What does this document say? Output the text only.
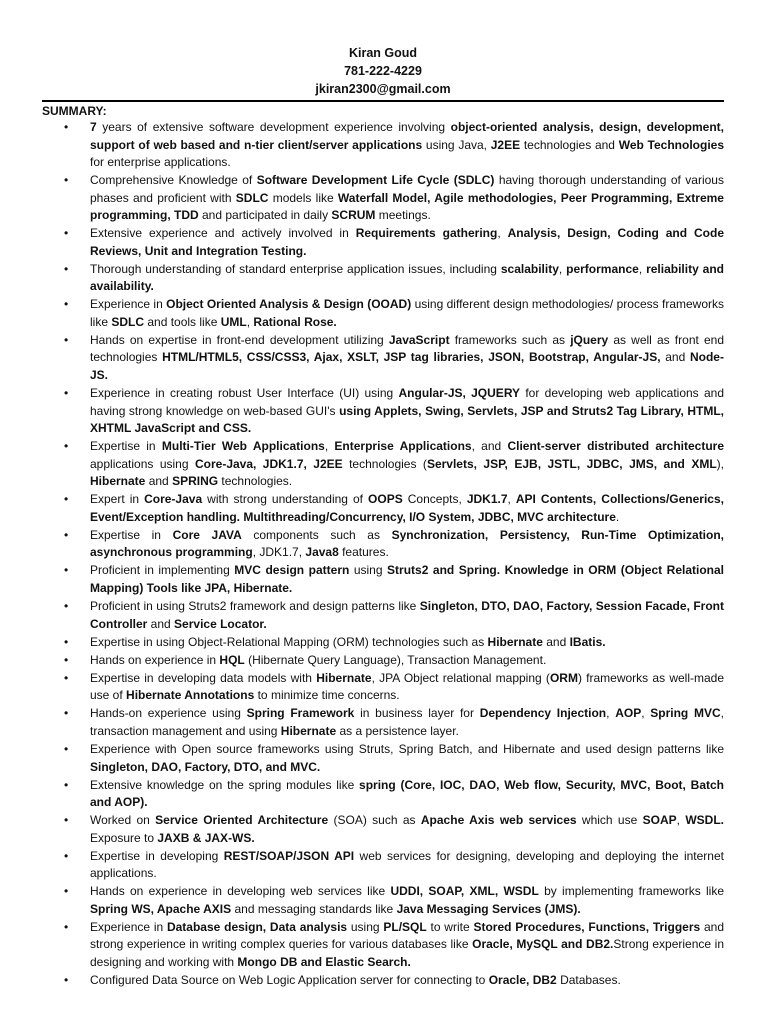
Kiran Goud
781-222-4229
jkiran2300@gmail.com
SUMMARY:
• 7 years of extensive software development experience involving object-oriented analysis, design, development, support of web based and n-tier client/server applications using Java, J2EE technologies and Web Technologies for enterprise applications.
• Comprehensive Knowledge of Software Development Life Cycle (SDLC) having thorough understanding of various phases and proficient with SDLC models like Waterfall Model, Agile methodologies, Peer Programming, Extreme programming, TDD and participated in daily SCRUM meetings.
• Extensive experience and actively involved in Requirements gathering, Analysis, Design, Coding and Code Reviews, Unit and Integration Testing.
• Thorough understanding of standard enterprise application issues, including scalability, performance, reliability and availability.
• Experience in Object Oriented Analysis & Design (OOAD) using different design methodologies/ process frameworks like SDLC and tools like UML, Rational Rose.
• Hands on expertise in front-end development utilizing JavaScript frameworks such as jQuery as well as front end technologies HTML/HTML5, CSS/CSS3, Ajax, XSLT, JSP tag libraries, JSON, Bootstrap, Angular-JS, and Node-JS.
• Experience in creating robust User Interface (UI) using Angular-JS, JQUERY for developing web applications and having strong knowledge on web-based GUI's using Applets, Swing, Servlets, JSP and Struts2 Tag Library, HTML, XHTML JavaScript and CSS.
• Expertise in Multi-Tier Web Applications, Enterprise Applications, and Client-server distributed architecture applications using Core-Java, JDK1.7, J2EE technologies (Servlets, JSP, EJB, JSTL, JDBC, JMS, and XML), Hibernate and SPRING technologies.
• Expert in Core-Java with strong understanding of OOPS Concepts, JDK1.7, API Contents, Collections/Generics, Event/Exception handling. Multithreading/Concurrency, I/O System, JDBC, MVC architecture.
• Expertise in Core JAVA components such as Synchronization, Persistency, Run-Time Optimization, asynchronous programming, JDK1.7, Java8 features.
• Proficient in implementing MVC design pattern using Struts2 and Spring. Knowledge in ORM (Object Relational Mapping) Tools like JPA, Hibernate.
• Proficient in using Struts2 framework and design patterns like Singleton, DTO, DAO, Factory, Session Facade, Front Controller and Service Locator.
• Expertise in using Object-Relational Mapping (ORM) technologies such as Hibernate and IBatis.
• Hands on experience in HQL (Hibernate Query Language), Transaction Management.
• Expertise in developing data models with Hibernate, JPA Object relational mapping (ORM) frameworks as well-made use of Hibernate Annotations to minimize time concerns.
• Hands-on experience using Spring Framework in business layer for Dependency Injection, AOP, Spring MVC, transaction management and using Hibernate as a persistence layer.
• Experience with Open source frameworks using Struts, Spring Batch, and Hibernate and used design patterns like Singleton, DAO, Factory, DTO, and MVC.
• Extensive knowledge on the spring modules like spring (Core, IOC, DAO, Web flow, Security, MVC, Boot, Batch and AOP).
• Worked on Service Oriented Architecture (SOA) such as Apache Axis web services which use SOAP, WSDL. Exposure to JAXB & JAX-WS.
• Expertise in developing REST/SOAP/JSON API web services for designing, developing and deploying the internet applications.
• Hands on experience in developing web services like UDDI, SOAP, XML, WSDL by implementing frameworks like Spring WS, Apache AXIS and messaging standards like Java Messaging Services (JMS).
• Experience in Database design, Data analysis using PL/SQL to write Stored Procedures, Functions, Triggers and strong experience in writing complex queries for various databases like Oracle, MySQL and DB2.Strong experience in designing and working with Mongo DB and Elastic Search.
• Configured Data Source on Web Logic Application server for connecting to Oracle, DB2 Databases.
